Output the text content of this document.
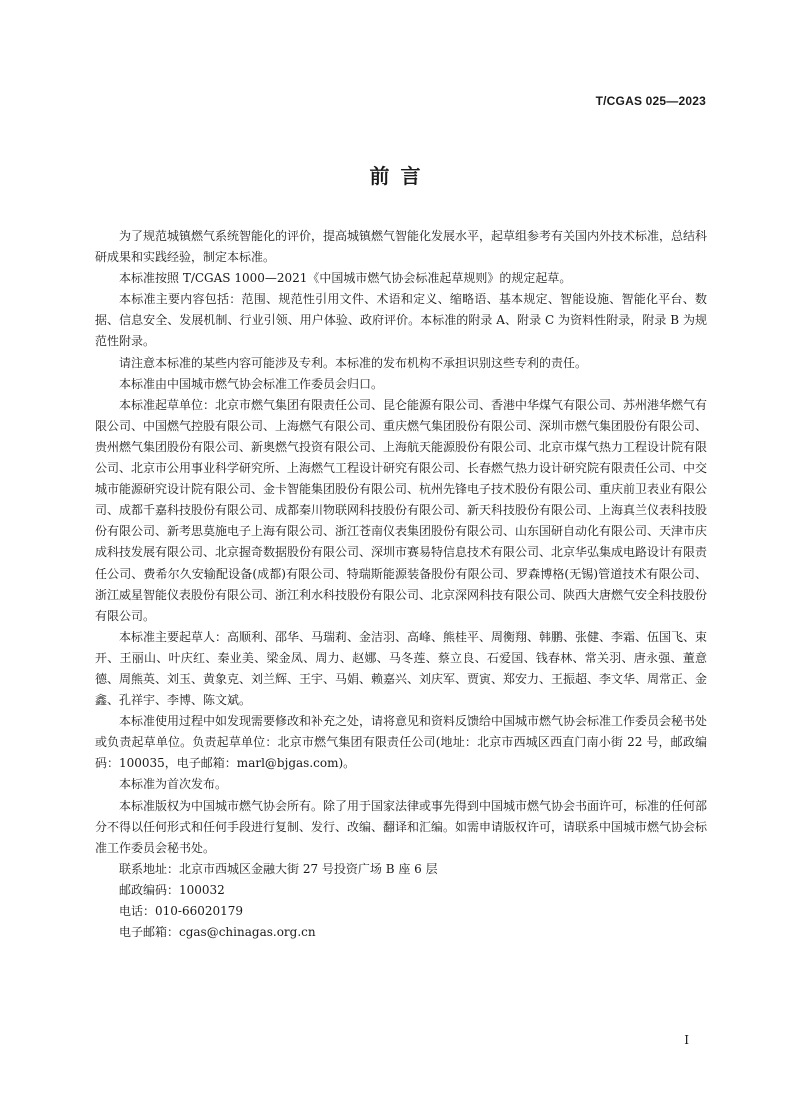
T/CGAS 025—2023
前 言

为了规范城镇燃气系统智能化的评价，提高城镇燃气智能化发展水平，起草组参考有关国内外技术标准，总结科研成果和实践经验，制定本标准。

本标准按照 T/CGAS 1000—2021《中国城市燃气协会标准起草规则》的规定起草。

本标准主要内容包括：范围、规范性引用文件、术语和定义、缩略语、基本规定、智能设施、智能化平台、数据、信息安全、发展机制、行业引领、用户体验、政府评价。本标准的附录 A、附录 C 为资料性附录，附录 B 为规范性附录。

请注意本标准的某些内容可能涉及专利。本标准的发布机构不承担识别这些专利的责任。

本标准由中国城市燃气协会标准工作委员会归口。

本标准起草单位：北京市燃气集团有限责任公司、昆仑能源有限公司、香港中华煤气有限公司、苏州港华燃气有限公司、中国燃气控股有限公司、上海燃气有限公司、重庆燃气集团股份有限公司、深圳市燃气集团股份有限公司、贵州燃气集团股份有限公司、新奥燃气投资有限公司、上海航天能源股份有限公司、北京市煤气热力工程设计院有限公司、北京市公用事业科学研究所、上海燃气工程设计研究有限公司、长春燃气热力设计研究院有限责任公司、中交城市能源研究设计院有限公司、金卡智能集团股份有限公司、杭州先锋电子技术股份有限公司、重庆前卫表业有限公司、成都千嘉科技股份有限公司、成都秦川物联网科技股份有限公司、新天科技股份有限公司、上海真兰仪表科技股份有限公司、新考思莫施电子上海有限公司、浙江苍南仪表集团股份有限公司、山东国研自动化有限公司、天津市庆成科技发展有限公司、北京握奇数据股份有限公司、深圳市赛易特信息技术有限公司、北京华弘集成电路设计有限责任公司、费希尔久安输配设备(成都)有限公司、特瑞斯能源装备股份有限公司、罗森博格(无锡)管道技术有限公司、浙江威星智能仪表股份有限公司、浙江利水科技股份有限公司、北京深网科技有限公司、陕西大唐燃气安全科技股份有限公司。

本标准主要起草人：高顺利、邵华、马瑞莉、金洁羽、高峰、熊桂平、周衡翔、韩鹏、张健、李霜、伍国飞、束开、王丽山、叶庆红、秦业美、梁金凤、周力、赵娜、马冬莲、蔡立良、石爱国、钱春林、常关羽、唐永强、董意德、周熊英、刘玉、黄象克、刘兰辉、王宇、马娟、赖嘉兴、刘庆军、贾寅、郑安力、王振超、李文华、周常正、金鑫、孔祥宇、李博、陈文斌。

本标准使用过程中如发现需要修改和补充之处，请将意见和资料反馈给中国城市燃气协会标准工作委员会秘书处或负责起草单位。负责起草单位：北京市燃气集团有限责任公司(地址：北京市西城区西直门南小街 22 号，邮政编码：100035，电子邮箱：marl@bjgas.com)。

本标准为首次发布。

本标准版权为中国城市燃气协会所有。除了用于国家法律或事先得到中国城市燃气协会书面许可，标准的任何部分不得以任何形式和任何手段进行复制、发行、改编、翻译和汇编。如需申请版权许可，请联系中国城市燃气协会标准工作委员会秘书处。

联系地址：北京市西城区金融大街 27 号投资广场 B 座 6 层

邮政编码：100032

电话：010-66020179

电子邮箱：cgas@chinagas.org.cn

I
